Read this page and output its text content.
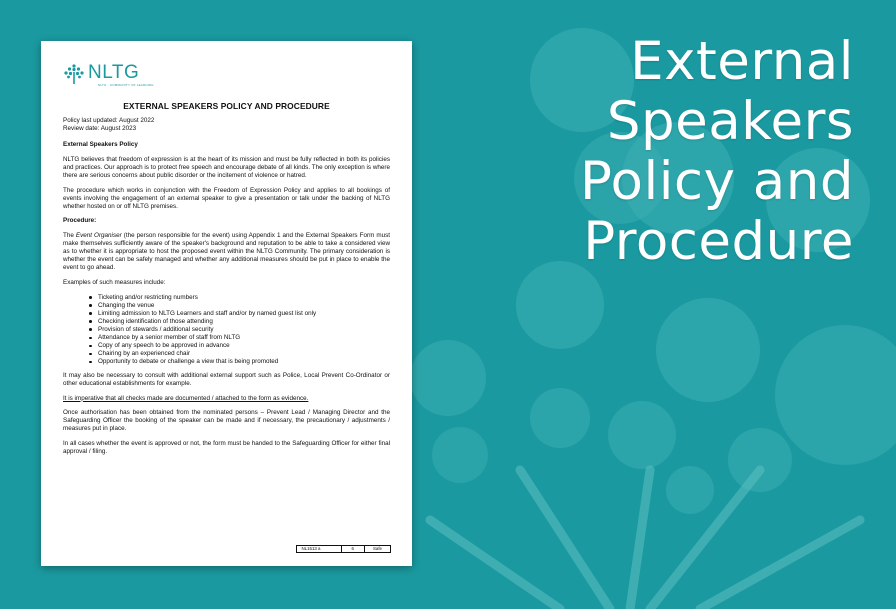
External
Speakers
Policy and
Procedure
NLTG
NLTG · COMMUNITY OF LEARNING
EXTERNAL SPEAKERS POLICY AND PROCEDURE

Policy last updated: August 2022
Review date: August 2023

External Speakers Policy

NLTG believes that freedom of expression is at the heart of its mission and must be fully reflected in both its policies and practices. Our approach is to protect free speech and encourage debate of all kinds. The only exception is where there are serious concerns about public disorder or the incitement of violence or hatred.

The procedure which works in conjunction with the Freedom of Expression Policy and applies to all bookings of events involving the engagement of an external speaker to give a presentation or talk under the backing of NLTG whether hosted on or off NLTG premises.

Procedure:

The Event Organiser (the person responsible for the event) using Appendix 1 and the External Speakers Form must make themselves sufficiently aware of the speaker's background and reputation to be able to take a considered view as to whether it is appropriate to host the proposed event within the NLTG Community. The primary consideration is whether the event can be safely managed and whether any additional measures should be put in place to enable the event to go ahead.

Examples of such measures include:

Ticketing and/or restricting numbers
Changing the venue
Limiting admission to NLTG Learners and staff and/or by named guest list only
Checking identification of those attending
Provision of stewards / additional security
Attendance by a senior member of staff from NLTG
Copy of any speech to be approved in advance
Chairing by an experienced chair
Opportunity to debate or challenge a view that is being promoted

It may also be necessary to consult with additional external support such as Police, Local Prevent Co-Ordinator or other educational establishments for example.

It is imperative that all checks made are documented / attached to the form as evidence.

Once authorisation has been obtained from the nominated persons – Prevent Lead / Managing Director and the Safeguarding Officer the booking of the speaker can be made and if necessary, the precautionary / adjustments / measures put in place.

In all cases whether the event is approved or not, the form must be handed to the Safeguarding Officer for either final approval / filing.

NL1513 a	6	Safe
